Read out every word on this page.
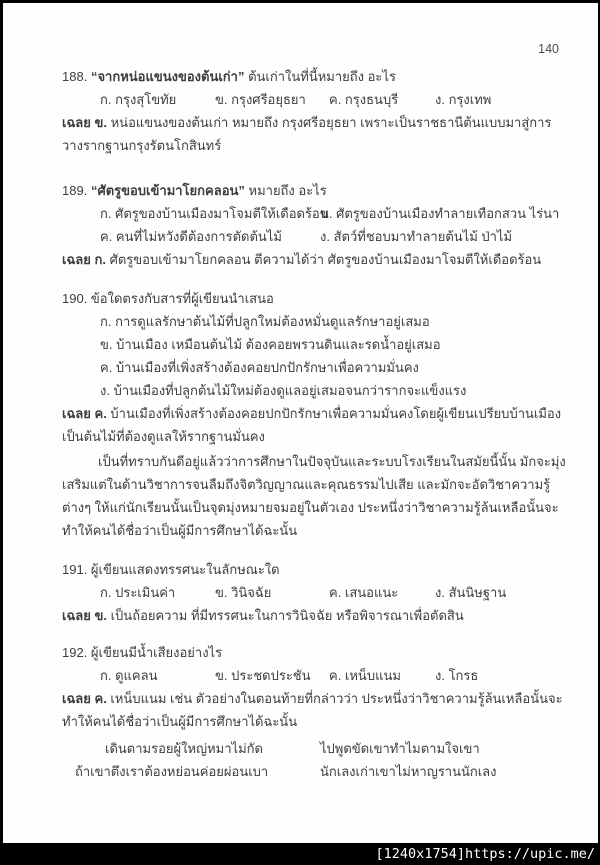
140
188. “จากหน่อแขนงของต้นเก่า” ต้นเก่าในที่นี้หมายถึง อะไร
ก. กรุงสุโขทัย	ข. กรุงศรีอยุธยา	ค. กรุงธนบุรี	ง. กรุงเทพ
เฉลย ข. หน่อแขนงของต้นเก่า หมายถึง กรุงศรีอยุธยา เพราะเป็นราชธานีต้นแบบมาสู่การวางรากฐานกรุงรัตนโกสินทร์
189. “ศัตรูขอบเข้ามาโยกคลอน” หมายถึง อะไร
ก. ศัตรูของบ้านเมืองมาโจมตีให้เดือดร้อน
ข. ศัตรูของบ้านเมืองทำลายเทือกสวน ไร่นา
ค. คนที่ไม่หวังดีต้องการตัดต้นไม้	ง. สัตว์ที่ชอบมาทำลายต้นไม้ ป่าไม้
เฉลย ก. ศัตรูขอบเข้ามาโยกคลอน ตีความได้ว่า ศัตรูของบ้านเมืองมาโจมตีให้เดือดร้อน
190. ข้อใดตรงกับสารที่ผู้เขียนนำเสนอ
ก. การดูแลรักษาต้นไม้ที่ปลูกใหม่ต้องหมั่นดูแลรักษาอยู่เสมอ
ข. บ้านเมือง เหมือนต้นไม้ ต้องคอยพรวนดินและรดน้ำอยู่เสมอ
ค. บ้านเมืองที่เพิ่งสร้างต้องคอยปกปักรักษาเพื่อความมั่นคง
ง. บ้านเมืองที่ปลูกต้นไม้ใหม่ต้องดูแลอยู่เสมอจนกว่ารากจะแข็งแรง
เฉลย ค. บ้านเมืองที่เพิ่งสร้างต้องคอยปกปักรักษาเพื่อความมั่นคงโดยผู้เขียนเปรียบบ้านเมืองเป็นต้นไม้ที่ต้องดูแลให้รากฐานมั่นคง
เป็นที่ทราบกันดีอยู่แล้วว่าการศึกษาในปัจจุบันและระบบโรงเรียนในสมัยนี้นั้น มักจะมุ่งเสริมแต่ในด้านวิชาการจนลืมถึงจิตวิญญาณและคุณธรรมไปเสีย และมักจะอัดวิชาความรู้ต่างๆ ให้แก่นักเรียนนั้นเป็นจุดมุ่งหมายจมอยู่ในตัวเอง ประหนึ่งว่าวิชาความรู้ล้นเหลือนั้นจะทำให้คนได้ชื่อว่าเป็นผู้มีการศึกษาได้ฉะนั้น
191. ผู้เขียนแสดงทรรศนะในลักษณะใด
ก. ประเมินค่า	ข. วินิจฉัย	ค. เสนอแนะ	ง. สันนิษฐาน
เฉลย ข. เป็นถ้อยความ ที่มีทรรศนะในการวินิจฉัย หรือพิจารณาเพื่อตัดสิน
192. ผู้เขียนมีน้ำเสียงอย่างไร
ก. ดูแคลน	ข. ประชดประชัน	ค. เหน็บแนม	ง. โกรธ
เฉลย ค. เหน็บแนม เช่น ตัวอย่างในตอนท้ายที่กล่าวว่า ประหนึ่งว่าวิชาความรู้ล้นเหลือนั้นจะทำให้คนได้ชื่อว่าเป็นผู้มีการศึกษาได้ฉะนั้น
เดินตามรอยผู้ใหญ่หมาไม่กัด	ไปพูดขัดเขาทำไมตามใจเขา
ถ้าเขาตึงเราต้องหย่อนค่อยผ่อนเบา	นักเลงเก่าเขาไม่หาญรานนักเลง
[1240x1754]https://upic.me/
